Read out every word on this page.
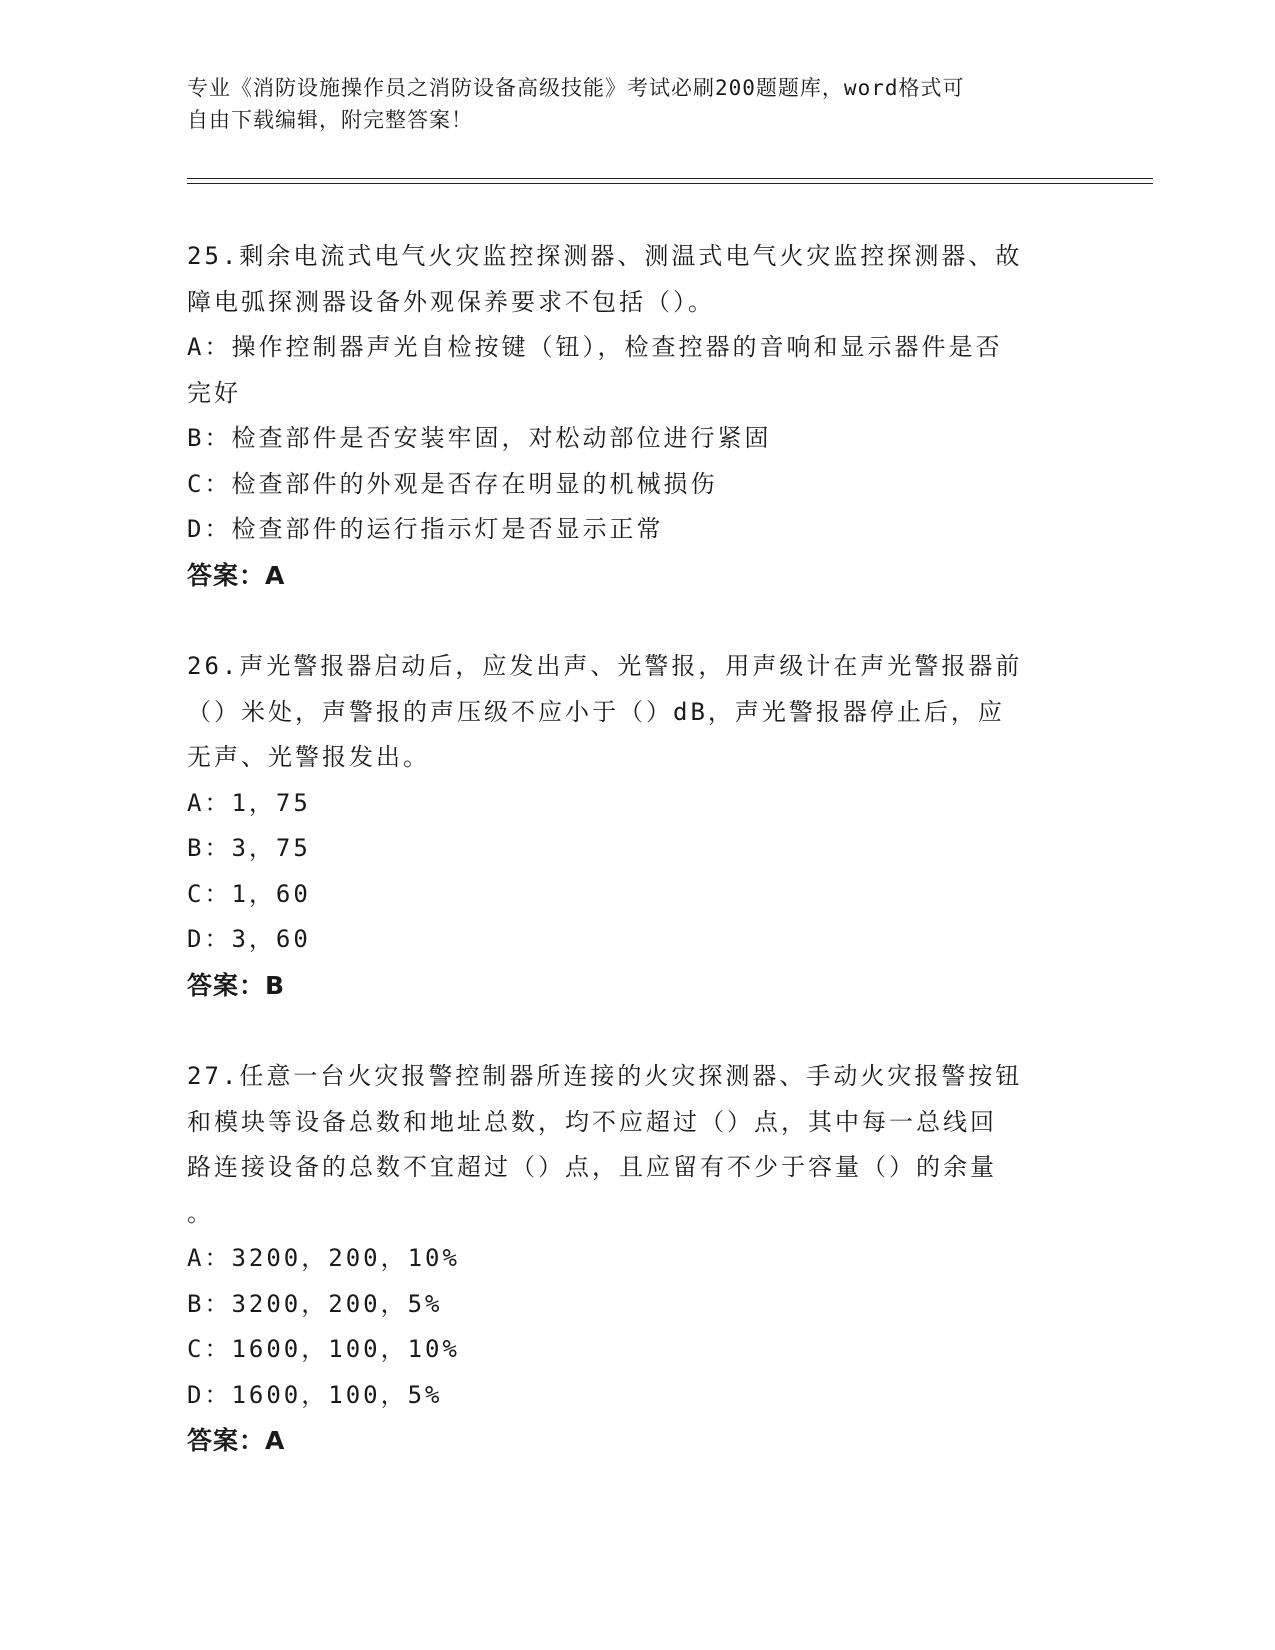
专业《消防设施操作员之消防设备高级技能》考试必刷200题题库，word格式可
自由下载编辑，附完整答案！
25.剩余电流式电气火灾监控探测器、测温式电气火灾监控探测器、故
障电弧探测器设备外观保养要求不包括（）。
A：操作控制器声光自检按键（钮），检查控器的音响和显示器件是否
完好
B：检查部件是否安装牢固，对松动部位进行紧固
C：检查部件的外观是否存在明显的机械损伤
D：检查部件的运行指示灯是否显示正常
答案：A
26.声光警报器启动后，应发出声、光警报，用声级计在声光警报器前
（）米处，声警报的声压级不应小于（）dB，声光警报器停止后，应
无声、光警报发出。
A：1，75
B：3，75
C：1，60
D：3，60
答案：B
27.任意一台火灾报警控制器所连接的火灾探测器、手动火灾报警按钮
和模块等设备总数和地址总数，均不应超过（）点，其中每一总线回
路连接设备的总数不宜超过（）点，且应留有不少于容量（）的余量
。
A：3200，200，10%
B：3200，200，5%
C：1600，100，10%
D：1600，100，5%
答案：A
